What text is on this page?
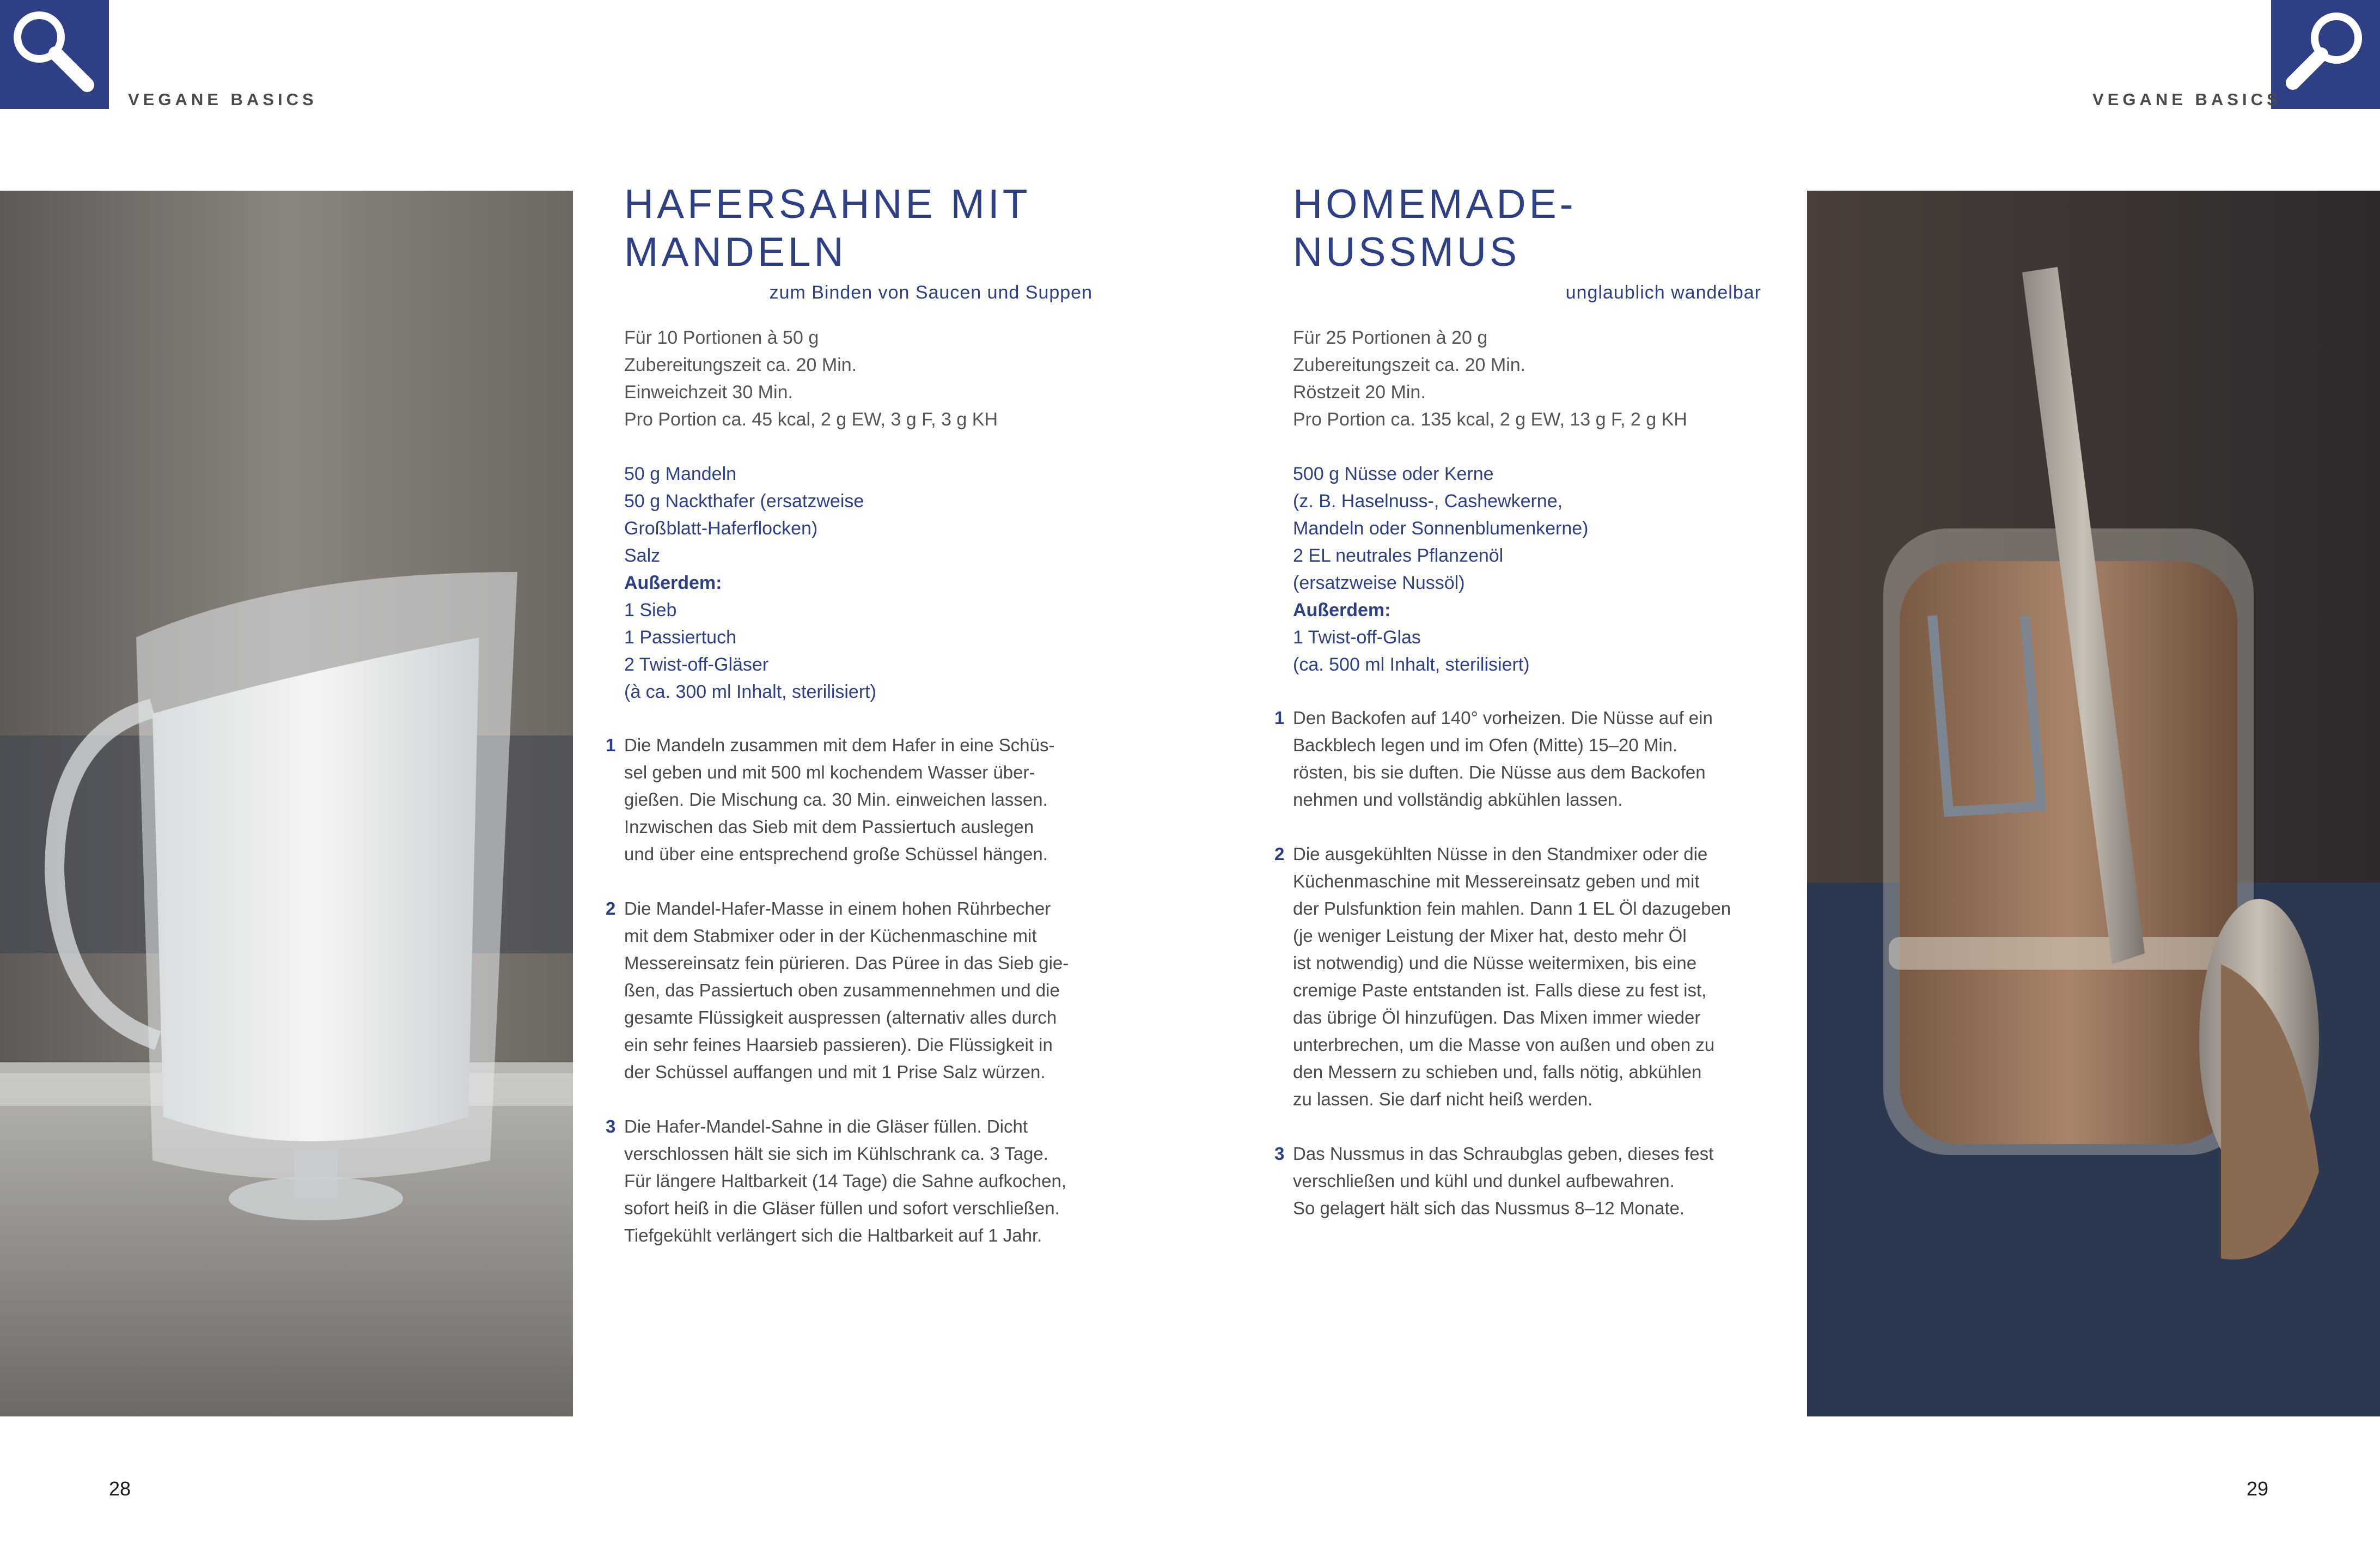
VEGANE BASICS	VEGANE BASICS
HAFERSAHNE MIT
MANDELN
zum Binden von Saucen und Suppen
Für 10 Portionen à 50 g
Zubereitungszeit ca. 20 Min.
Einweichzeit 30 Min.
Pro Portion ca. 45 kcal, 2 g EW, 3 g F, 3 g KH
50 g Mandeln
50 g Nackthafer (ersatzweise
Großblatt-Haferflocken)
Salz
Außerdem:
1 Sieb
1 Passiertuch
2 Twist-off-Gläser
(à ca. 300 ml Inhalt, sterilisiert)
1 Die Mandeln zusammen mit dem Hafer in eine Schüs-
sel geben und mit 500 ml kochendem Wasser über-
gießen. Die Mischung ca. 30 Min. einweichen lassen.
Inzwischen das Sieb mit dem Passiertuch auslegen
und über eine entsprechend große Schüssel hängen.
2 Die Mandel-Hafer-Masse in einem hohen Rührbecher
mit dem Stabmixer oder in der Küchenmaschine mit
Messereinsatz fein pürieren. Das Püree in das Sieb gie-
ßen, das Passiertuch oben zusammennehmen und die
gesamte Flüssigkeit auspressen (alternativ alles durch
ein sehr feines Haarsieb passieren). Die Flüssigkeit in
der Schüssel auffangen und mit 1 Prise Salz würzen.
3 Die Hafer-Mandel-Sahne in die Gläser füllen. Dicht
verschlossen hält sie sich im Kühlschrank ca. 3 Tage.
Für längere Haltbarkeit (14 Tage) die Sahne aufkochen,
sofort heiß in die Gläser füllen und sofort verschließen.
Tiefgekühlt verlängert sich die Haltbarkeit auf 1 Jahr.
HOMEMADE-
NUSSMUS
unglaublich wandelbar
Für 25 Portionen à 20 g
Zubereitungszeit ca. 20 Min.
Röstzeit 20 Min.
Pro Portion ca. 135 kcal, 2 g EW, 13 g F, 2 g KH
500 g Nüsse oder Kerne
(z. B. Haselnuss-, Cashewkerne,
Mandeln oder Sonnenblumenkerne)
2 EL neutrales Pflanzenöl
(ersatzweise Nussöl)
Außerdem:
1 Twist-off-Glas
(ca. 500 ml Inhalt, sterilisiert)
1 Den Backofen auf 140° vorheizen. Die Nüsse auf ein
Backblech legen und im Ofen (Mitte) 15–20 Min.
rösten, bis sie duften. Die Nüsse aus dem Backofen
nehmen und vollständig abkühlen lassen.
2 Die ausgekühlten Nüsse in den Standmixer oder die
Küchenmaschine mit Messereinsatz geben und mit
der Pulsfunktion fein mahlen. Dann 1 EL Öl dazugeben
(je weniger Leistung der Mixer hat, desto mehr Öl
ist notwendig) und die Nüsse weitermixen, bis eine
cremige Paste entstanden ist. Falls diese zu fest ist,
das übrige Öl hinzufügen. Das Mixen immer wieder
unterbrechen, um die Masse von außen und oben zu
den Messern zu schieben und, falls nötig, abkühlen
zu lassen. Sie darf nicht heiß werden.
3 Das Nussmus in das Schraubglas geben, dieses fest
verschließen und kühl und dunkel aufbewahren.
So gelagert hält sich das Nussmus 8–12 Monate.
28	29
